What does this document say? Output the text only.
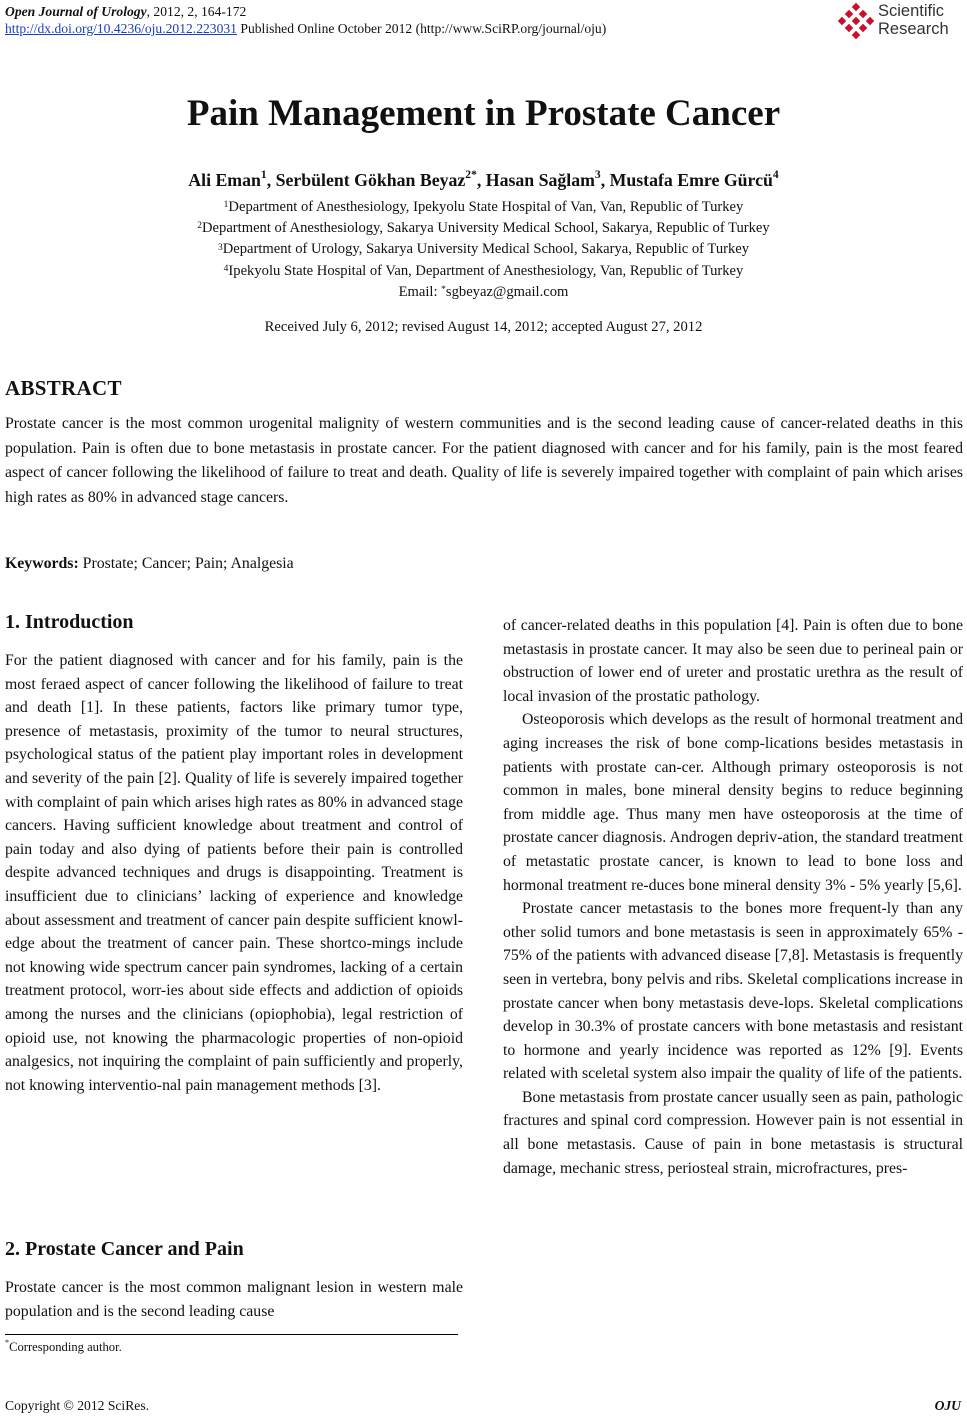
Open Journal of Urology, 2012, 2, 164-172
http://dx.doi.org/10.4236/oju.2012.223031 Published Online October 2012 (http://www.SciRP.org/journal/oju)
Scientific
Research
Pain Management in Prostate Cancer
Ali Eman$^1$, Serbülent Gökhan Beyaz$^{2*}$, Hasan Sağlam$^3$, Mustafa Emre Gürcü$^4$
$^1$Department of Anesthesiology, Ipekyolu State Hospital of Van, Van, Republic of Turkey
$^2$Department of Anesthesiology, Sakarya University Medical School, Sakarya, Republic of Turkey
$^3$Department of Urology, Sakarya University Medical School, Sakarya, Republic of Turkey
$^4$Ipekyolu State Hospital of Van, Department of Anesthesiology, Van, Republic of Turkey
Email: *sgbeyaz@gmail.com
Received July 6, 2012; revised August 14, 2012; accepted August 27, 2012
ABSTRACT

Prostate cancer is the most common urogenital malignity of western communities and is the second leading cause of cancer-related deaths in this population. Pain is often due to bone metastasis in prostate cancer. For the patient diagnosed with cancer and for his family, pain is the most feared aspect of cancer following the likelihood of failure to treat and death. Quality of life is severely impaired together with complaint of pain which arises high rates as 80% in advanced stage cancers.

Keywords: Prostate; Cancer; Pain; Analgesia
1. Introduction

For the patient diagnosed with cancer and for his family, pain is the most feraed aspect of cancer following the likelihood of failure to treat and death [1]. In these patients, factors like primary tumor type, presence of metastasis, proximity of the tumor to neural structures, psychological status of the patient play important roles in development and severity of the pain [2]. Quality of life is severely impaired together with complaint of pain which arises high rates as 80% in advanced stage cancers. Having sufficient knowledge about treatment and control of pain today and also dying of patients before their pain is controlled despite advanced techniques and drugs is disappointing. Treatment is insufficient due to clinicians’ lacking of experience and knowledge about assessment and treatment of cancer pain despite sufficient knowl-edge about the treatment of cancer pain. These shortco-mings include not knowing wide spectrum cancer pain syndromes, lacking of a certain treatment protocol, worr-ies about side effects and addiction of opioids among the nurses and the clinicians (opiophobia), legal restriction of opioid use, not knowing the pharmacologic properties of non-opioid analgesics, not inquiring the complaint of pain sufficiently and properly, not knowing interventio-nal pain management methods [3].

2. Prostate Cancer and Pain

Prostate cancer is the most common malignant lesion in western male population and is the second leading cause

of cancer-related deaths in this population [4]. Pain is often due to bone metastasis in prostate cancer. It may also be seen due to perineal pain or obstruction of lower end of ureter and prostatic urethra as the result of local invasion of the prostatic pathology.

Osteoporosis which develops as the result of hormonal treatment and aging increases the risk of bone comp-lications besides metastasis in patients with prostate can-cer. Although primary osteoporosis is not common in males, bone mineral density begins to reduce beginning from middle age. Thus many men have osteoporosis at the time of prostate cancer diagnosis. Androgen depriv-ation, the standard treatment of metastatic prostate cancer, is known to lead to bone loss and hormonal treatment re-duces bone mineral density 3% - 5% yearly [5,6].

Prostate cancer metastasis to the bones more frequent-ly than any other solid tumors and bone metastasis is seen in approximately 65% - 75% of the patients with advanced disease [7,8]. Metastasis is frequently seen in vertebra, bony pelvis and ribs. Skeletal complications increase in prostate cancer when bony metastasis deve-lops. Skeletal complications develop in 30.3% of prostate cancers with bone metastasis and resistant to hormone and yearly incidence was reported as 12% [9]. Events related with sceletal system also impair the quality of life of the patients.

Bone metastasis from prostate cancer usually seen as pain, pathologic fractures and spinal cord compression. However pain is not essential in all bone metastasis. Cause of pain in bone metastasis is structural damage, mechanic stress, periosteal strain, microfractures, pres-

*Corresponding author.
Copyright © 2012 SciRes.	OJU
